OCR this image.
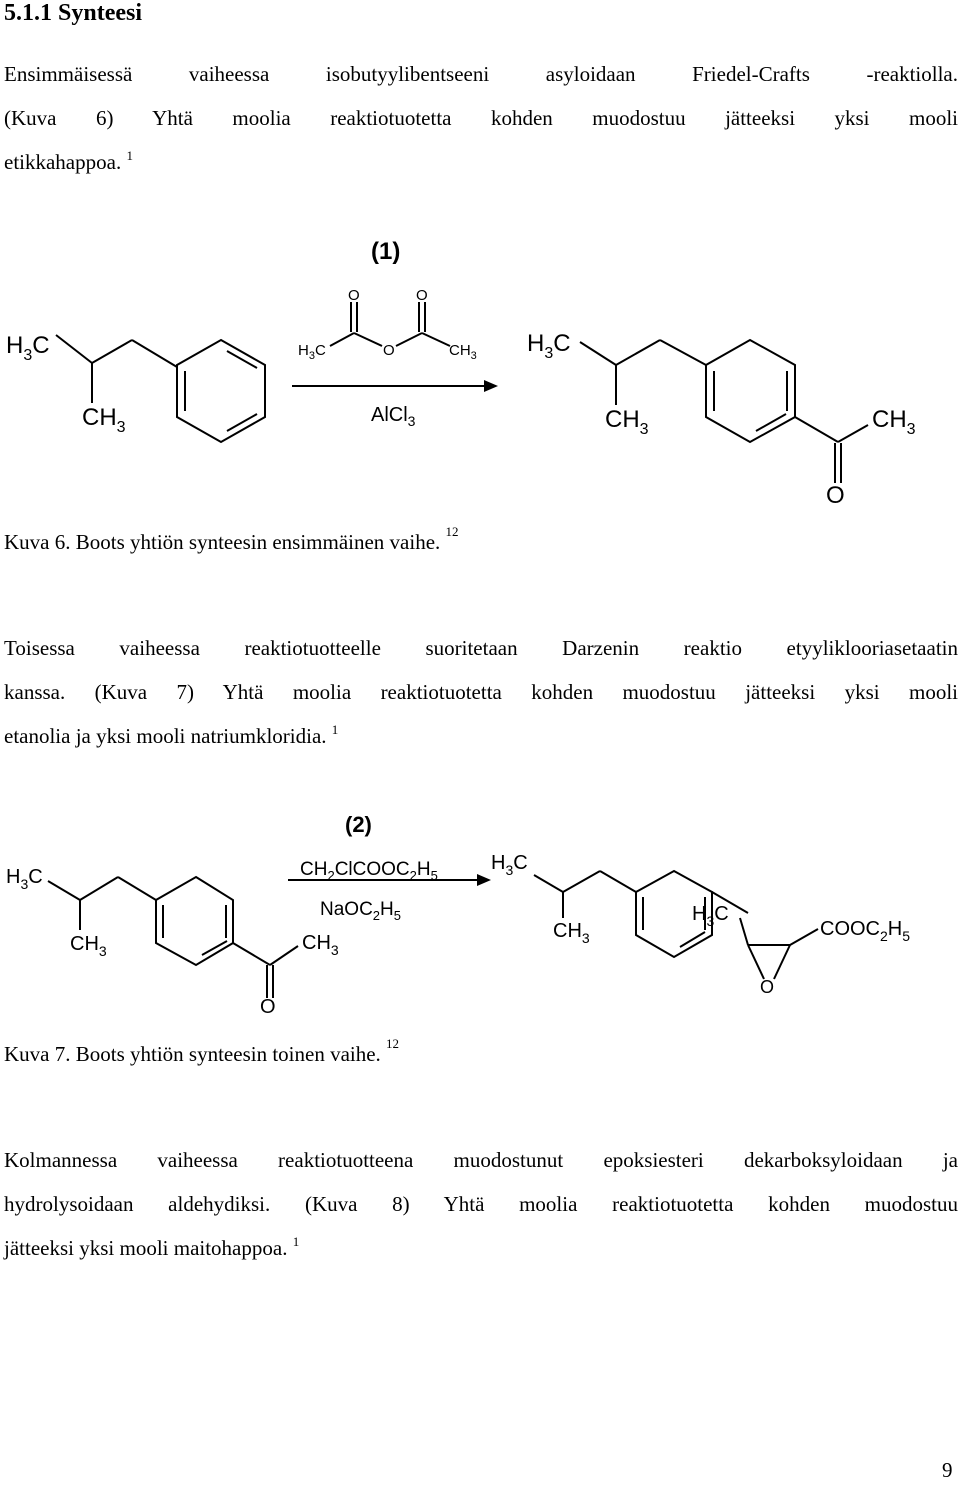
5.1.1 Synteesi
Ensimmäisessä vaiheessa isobutyylibentseeni asyloidaan Friedel-Crafts -reaktiolla.
(Kuva 6) Yhtä moolia reaktiotuotetta kohden muodostuu jätteeksi yksi mooli
etikkahappoa. $^1$
$H_3C$
$CH_3$
(1)
O	O
$H_3C$	O	$CH_3$
AlCl$_3$
$H_3C$
$CH_3$	$CH_3$
O
Kuva 6. Boots yhtiön synteesin ensimmäinen vaihe. $^{12}$
Toisessa vaiheessa reaktiotuotteelle suoritetaan Darzenin reaktio etyyliklooriasetaatin
kanssa. (Kuva 7) Yhtä moolia reaktiotuotetta kohden muodostuu jätteeksi yksi mooli
etanolia ja yksi mooli natriumkloridia. $^1$
(2)
$CH_2ClCOOC_2H_5$
$NaOC_2H_5$
$H_3C$
$CH_3$	$CH_3$
O
$H_3C$
$CH_3$
$H_3C$
$COOC_2H_5$
O
Kuva 7. Boots yhtiön synteesin toinen vaihe. $^{12}$
Kolmannessa vaiheessa reaktiotuotteena muodostunut epoksiesteri dekarboksyloidaan ja
hydrolysoidaan aldehydiksi. (Kuva 8) Yhtä moolia reaktiotuotetta kohden muodostuu
jätteeksi yksi mooli maitohappoa. $^1$
9
